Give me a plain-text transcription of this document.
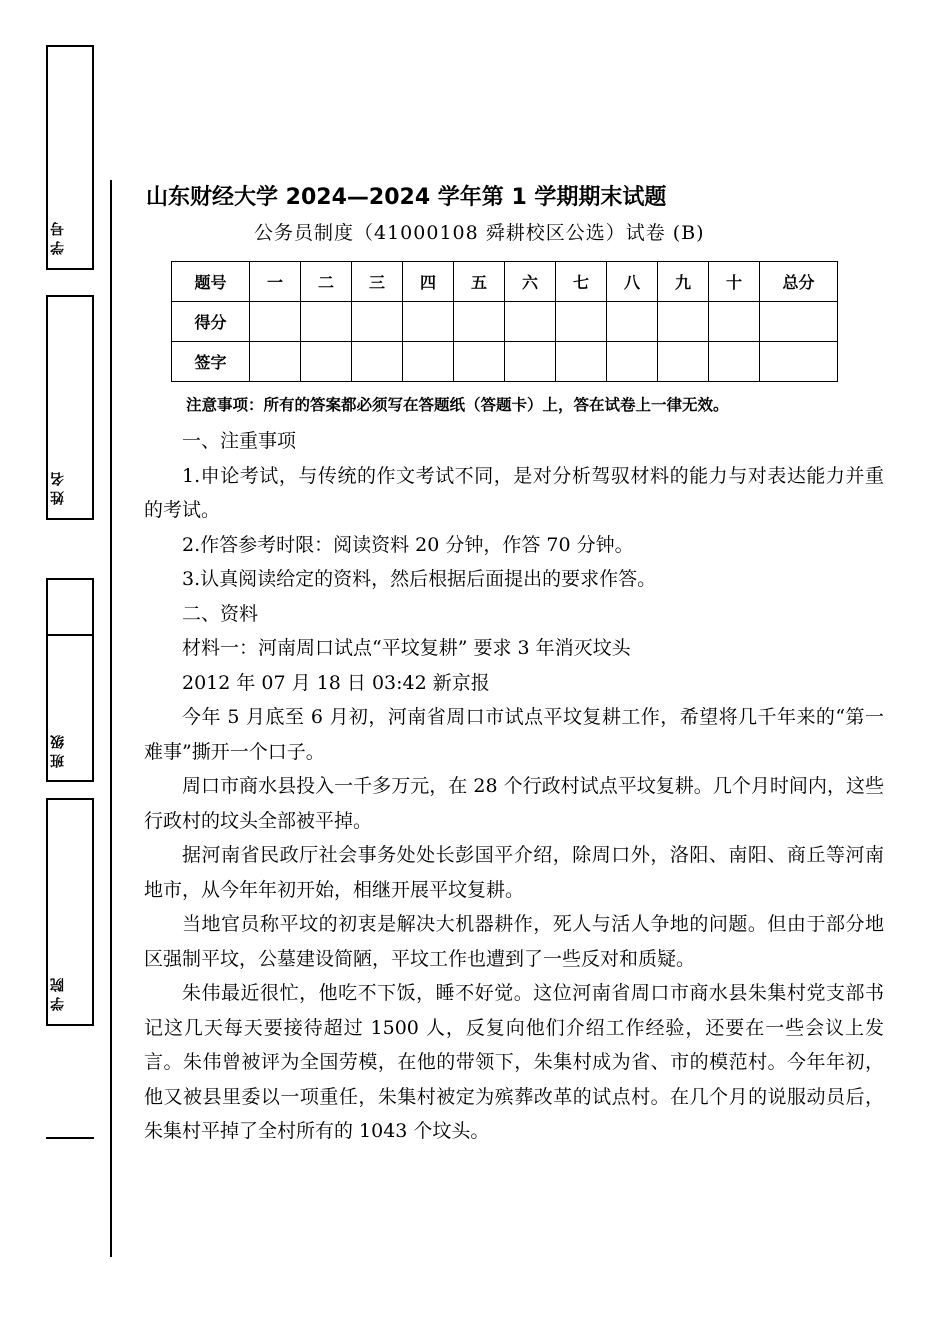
学 号
姓 名
班 级
学 院
山东财经大学 2024—2024 学年第 1 学期期末试题
公务员制度（41000108 舜耕校区公选）试卷 (B)
题号	一	二	三	四	五	六	七	八	九	十	总分
得分											
签字											
注意事项：所有的答案都必须写在答题纸（答题卡）上，答在试卷上一律无效。

一、注重事项

1.申论考试，与传统的作文考试不同，是对分析驾驭材料的能力与对表达能力并重的考试。

2.作答参考时限：阅读资料 20 分钟，作答 70 分钟。

3.认真阅读给定的资料，然后根据后面提出的要求作答。

二、资料

材料一：河南周口试点“平坟复耕” 要求 3 年消灭坟头

2012 年 07 月 18 日 03:42 新京报

今年 5 月底至 6 月初，河南省周口市试点平坟复耕工作，希望将几千年来的“第一难事”撕开一个口子。

周口市商水县投入一千多万元，在 28 个行政村试点平坟复耕。几个月时间内，这些行政村的坟头全部被平掉。

据河南省民政厅社会事务处处长彭国平介绍，除周口外，洛阳、南阳、商丘等河南地市，从今年年初开始，相继开展平坟复耕。

当地官员称平坟的初衷是解决大机器耕作，死人与活人争地的问题。但由于部分地区强制平坟，公墓建设简陋，平坟工作也遭到了一些反对和质疑。

朱伟最近很忙，他吃不下饭，睡不好觉。这位河南省周口市商水县朱集村党支部书记这几天每天要接待超过 1500 人，反复向他们介绍工作经验，还要在一些会议上发言。朱伟曾被评为全国劳模，在他的带领下，朱集村成为省、市的模范村。今年年初，他又被县里委以一项重任，朱集村被定为殡葬改革的试点村。在几个月的说服动员后，朱集村平掉了全村所有的 1043 个坟头。
